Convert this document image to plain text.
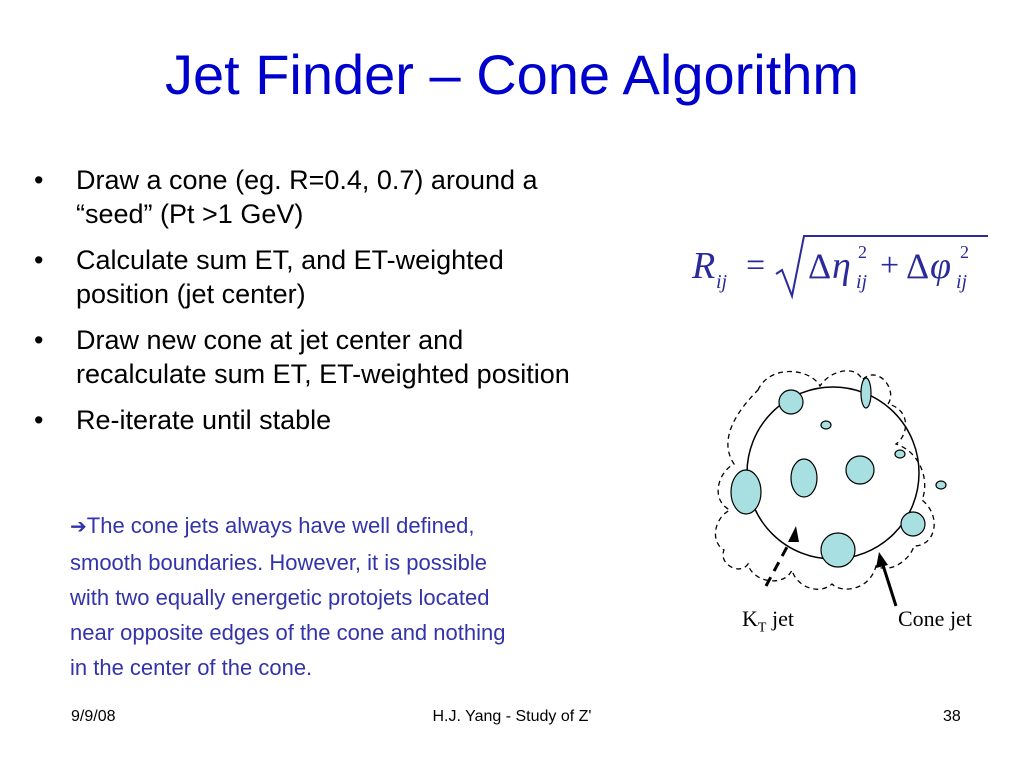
Jet Finder – Cone Algorithm
• Draw a cone (eg. R=0.4, 0.7) around a
“seed” (Pt >1 GeV)
• Calculate sum ET, and ET-weighted
position (jet center)
• Draw new cone at jet center and
recalculate sum ET, ET-weighted position
• Re-iterate until stable
➔The cone jets always have well defined,
smooth boundaries. However, it is possible
with two equally energetic protojets located
near opposite edges of the cone and nothing
in the center of the cone.
R ij = Δ η 2
ij + Δ φ 2
ij
$K_T$ jet	Cone jet
9/9/08	H.J. Yang - Study of Z'	38
